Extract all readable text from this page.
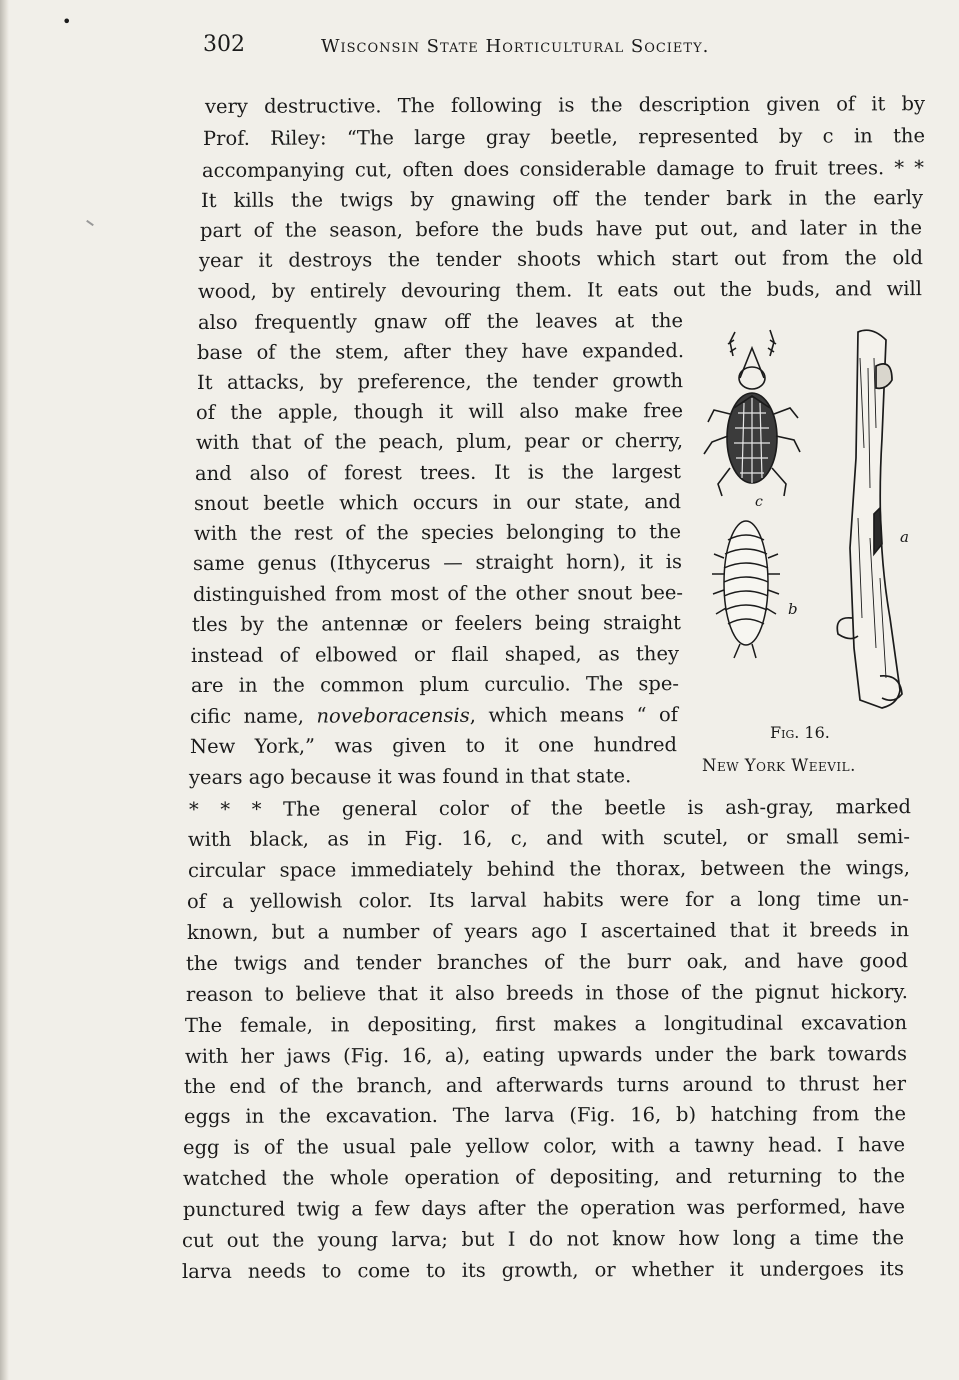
•
302	Wisconsin State Horticultural Society.
very destructive. The following is the description given of it by
Prof. Riley: “The large gray beetle, represented by c in the
accompanying cut, often does considerable damage to fruit trees. * *
It kills the twigs by gnawing off the tender bark in the early
part of the season, before the buds have put out, and later in the
year it destroys the tender shoots which start out from the old
wood, by entirely devouring them. It eats out the buds, and will
also frequently gnaw off the leaves at the
base of the stem, after they have expanded.
It attacks, by preference, the tender growth
of the apple, though it will also make free
with that of the peach, plum, pear or cherry,
and also of forest trees. It is the largest
snout beetle which occurs in our state, and
with the rest of the species belonging to the
same genus (Ithycerus — straight horn), it is
distinguished from most of the other snout bee-
tles by the antennæ or feelers being straight
instead of elbowed or flail shaped, as they
are in the common plum curculio. The spe-
cific name, noveboracensis, which means “ of
New York,” was given to it one hundred
years ago because it was found in that state.
* * * The general color of the beetle is ash-gray, marked
with black, as in Fig. 16, c, and with scutel, or small semi-
circular space immediately behind the thorax, between the wings,
of a yellowish color. Its larval habits were for a long time un-
known, but a number of years ago I ascertained that it breeds in
the twigs and tender branches of the burr oak, and have good
reason to believe that it also breeds in those of the pignut hickory.
The female, in depositing, first makes a longitudinal excavation
with her jaws (Fig. 16, a), eating upwards under the bark towards
the end of the branch, and afterwards turns around to thrust her
eggs in the excavation. The larva (Fig. 16, b) hatching from the
egg is of the usual pale yellow color, with a tawny head. I have
watched the whole operation of depositing, and returning to the
punctured twig a few days after the operation was performed, have
cut out the young larva; but I do not know how long a time the
larva needs to come to its growth, or whether it undergoes its
c
b
a
Fig. 16.
New York Weevil.
